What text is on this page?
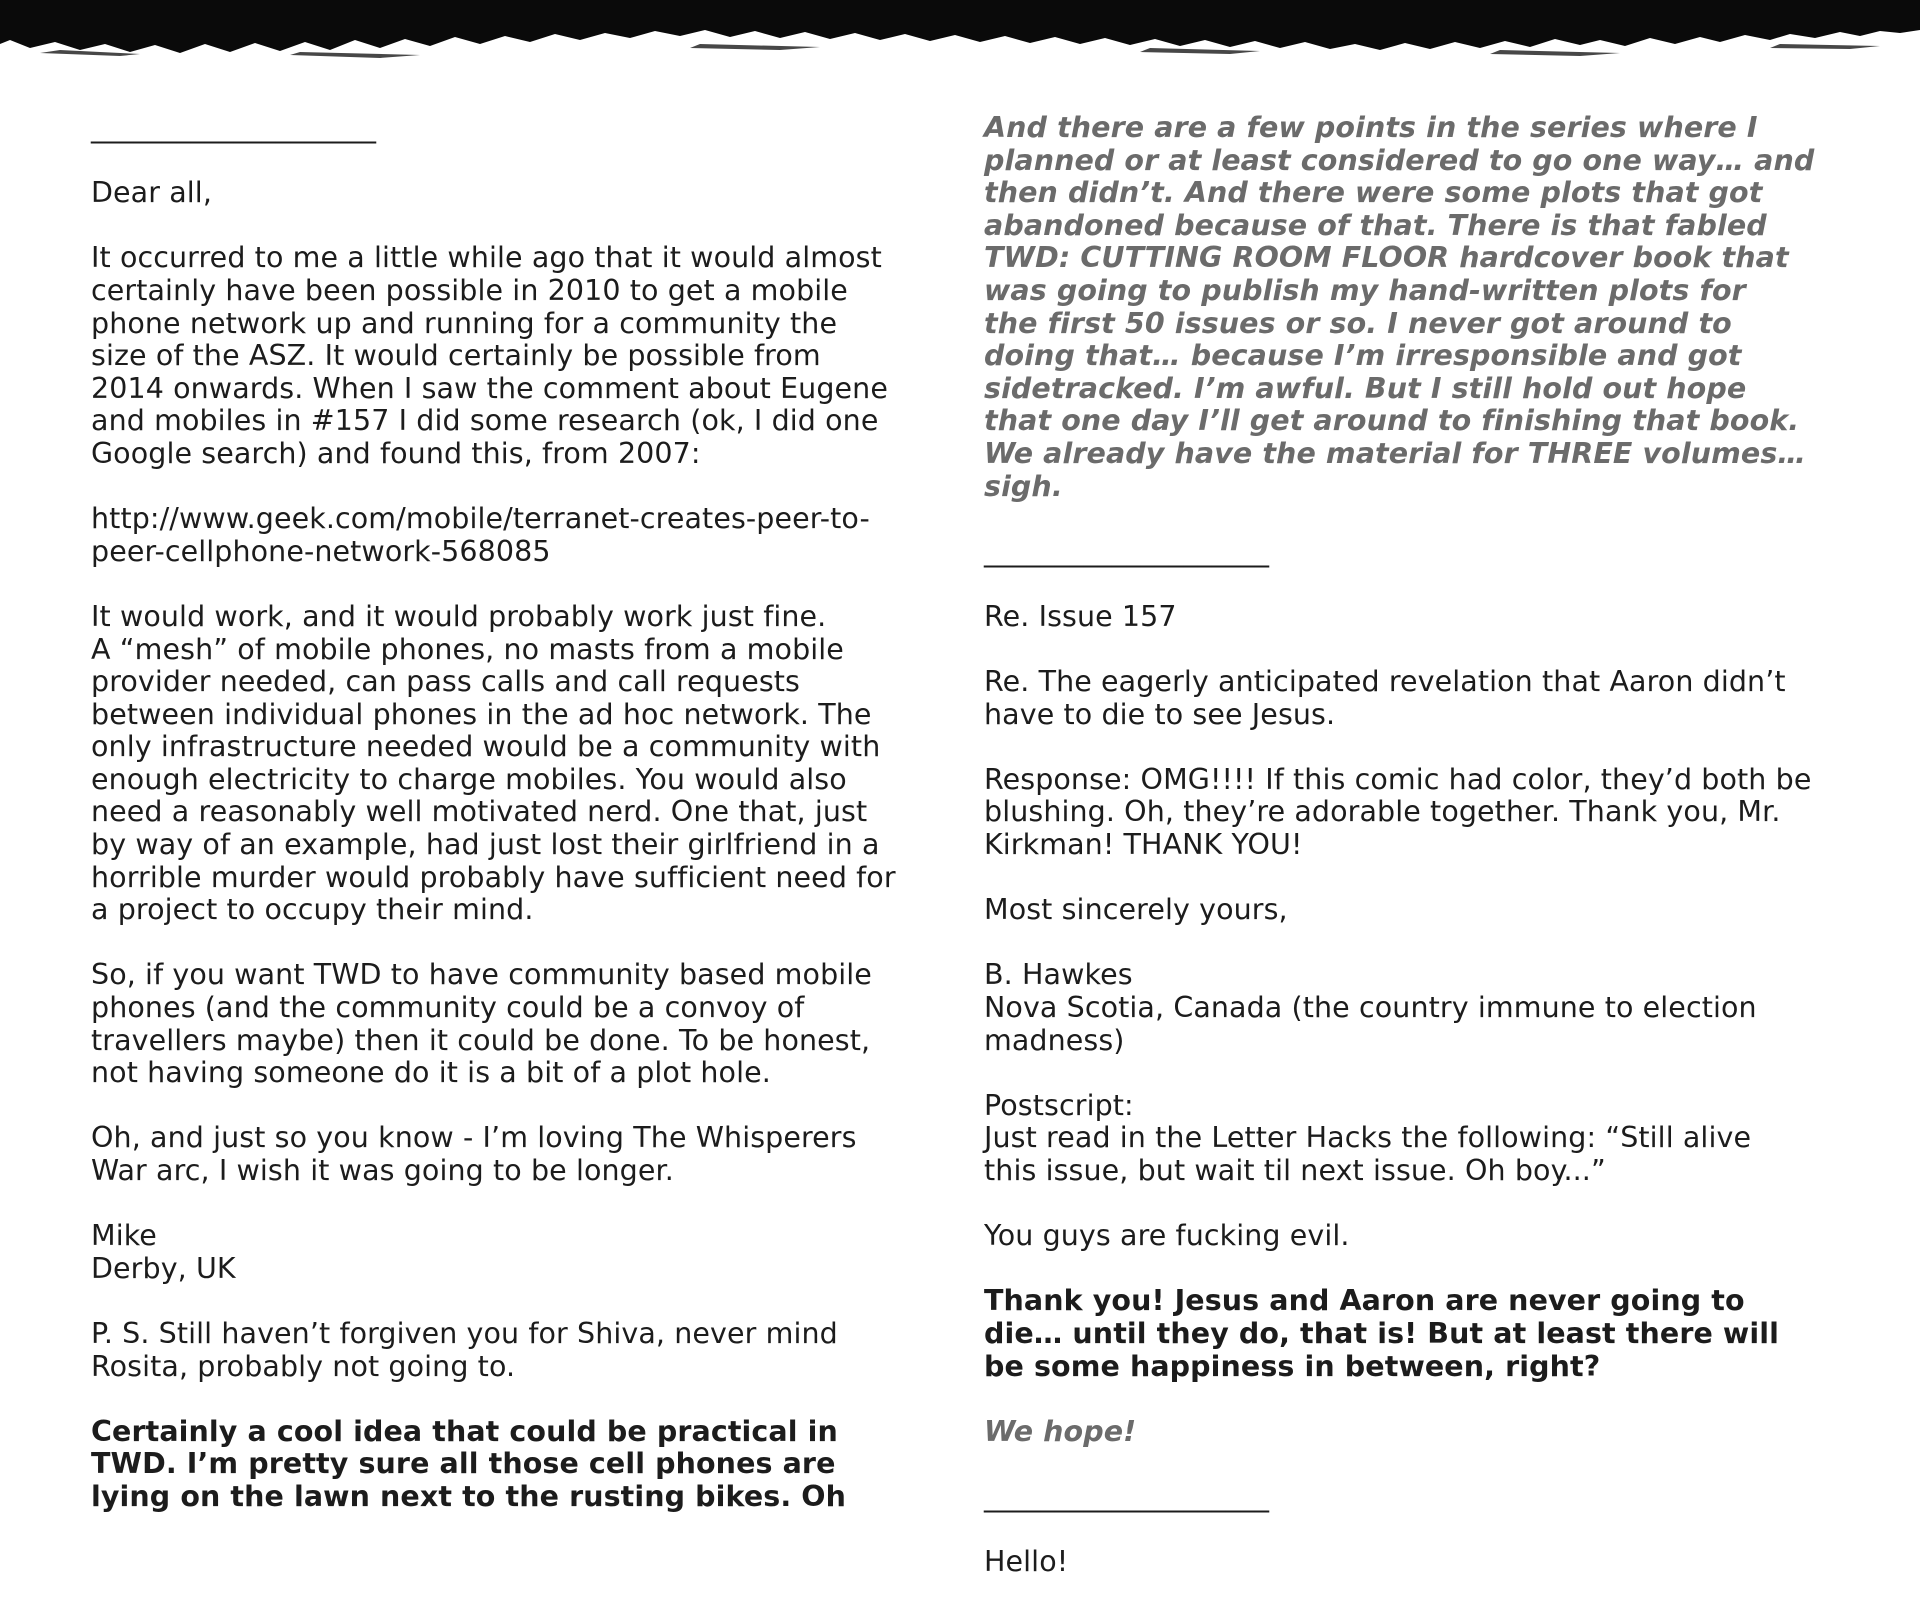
____________________

Dear all,

It occurred to me a little while ago that it would almost
certainly have been possible in 2010 to get a mobile
phone network up and running for a community the
size of the ASZ. It would certainly be possible from
2014 onwards. When I saw the comment about Eugene
and mobiles in #157 I did some research (ok, I did one
Google search) and found this, from 2007:

http://www.geek.com/mobile/terranet-creates-peer-to-
peer-cellphone-network-568085

It would work, and it would probably work just fine.
A “mesh” of mobile phones, no masts from a mobile
provider needed, can pass calls and call requests
between individual phones in the ad hoc network. The
only infrastructure needed would be a community with
enough electricity to charge mobiles. You would also
need a reasonably well motivated nerd. One that, just
by way of an example, had just lost their girlfriend in a
horrible murder would probably have sufficient need for
a project to occupy their mind.

So, if you want TWD to have community based mobile
phones (and the community could be a convoy of
travellers maybe) then it could be done. To be honest,
not having someone do it is a bit of a plot hole.

Oh, and just so you know - I’m loving The Whisperers
War arc, I wish it was going to be longer.

Mike
Derby, UK

P. S. Still haven’t forgiven you for Shiva, never mind
Rosita, probably not going to.

Certainly a cool idea that could be practical in
TWD. I’m pretty sure all those cell phones are
lying on the lawn next to the rusting bikes. Oh

And there are a few points in the series where I
planned or at least considered to go one way… and
then didn’t. And there were some plots that got
abandoned because of that. There is that fabled
TWD: CUTTING ROOM FLOOR hardcover book that
was going to publish my hand-written plots for
the first 50 issues or so. I never got around to
doing that… because I’m irresponsible and got
sidetracked. I’m awful. But I still hold out hope
that one day I’ll get around to finishing that book.
We already have the material for THREE volumes…
sigh.

____________________

Re. Issue 157

Re. The eagerly anticipated revelation that Aaron didn’t
have to die to see Jesus.

Response: OMG!!!! If this comic had color, they’d both be
blushing. Oh, they’re adorable together. Thank you, Mr.
Kirkman! THANK YOU!

Most sincerely yours,

B. Hawkes
Nova Scotia, Canada (the country immune to election
madness)

Postscript:
Just read in the Letter Hacks the following: “Still alive
this issue, but wait til next issue. Oh boy...”

You guys are fucking evil.

Thank you! Jesus and Aaron are never going to
die… until they do, that is! But at least there will
be some happiness in between, right?

We hope!

____________________

Hello!
